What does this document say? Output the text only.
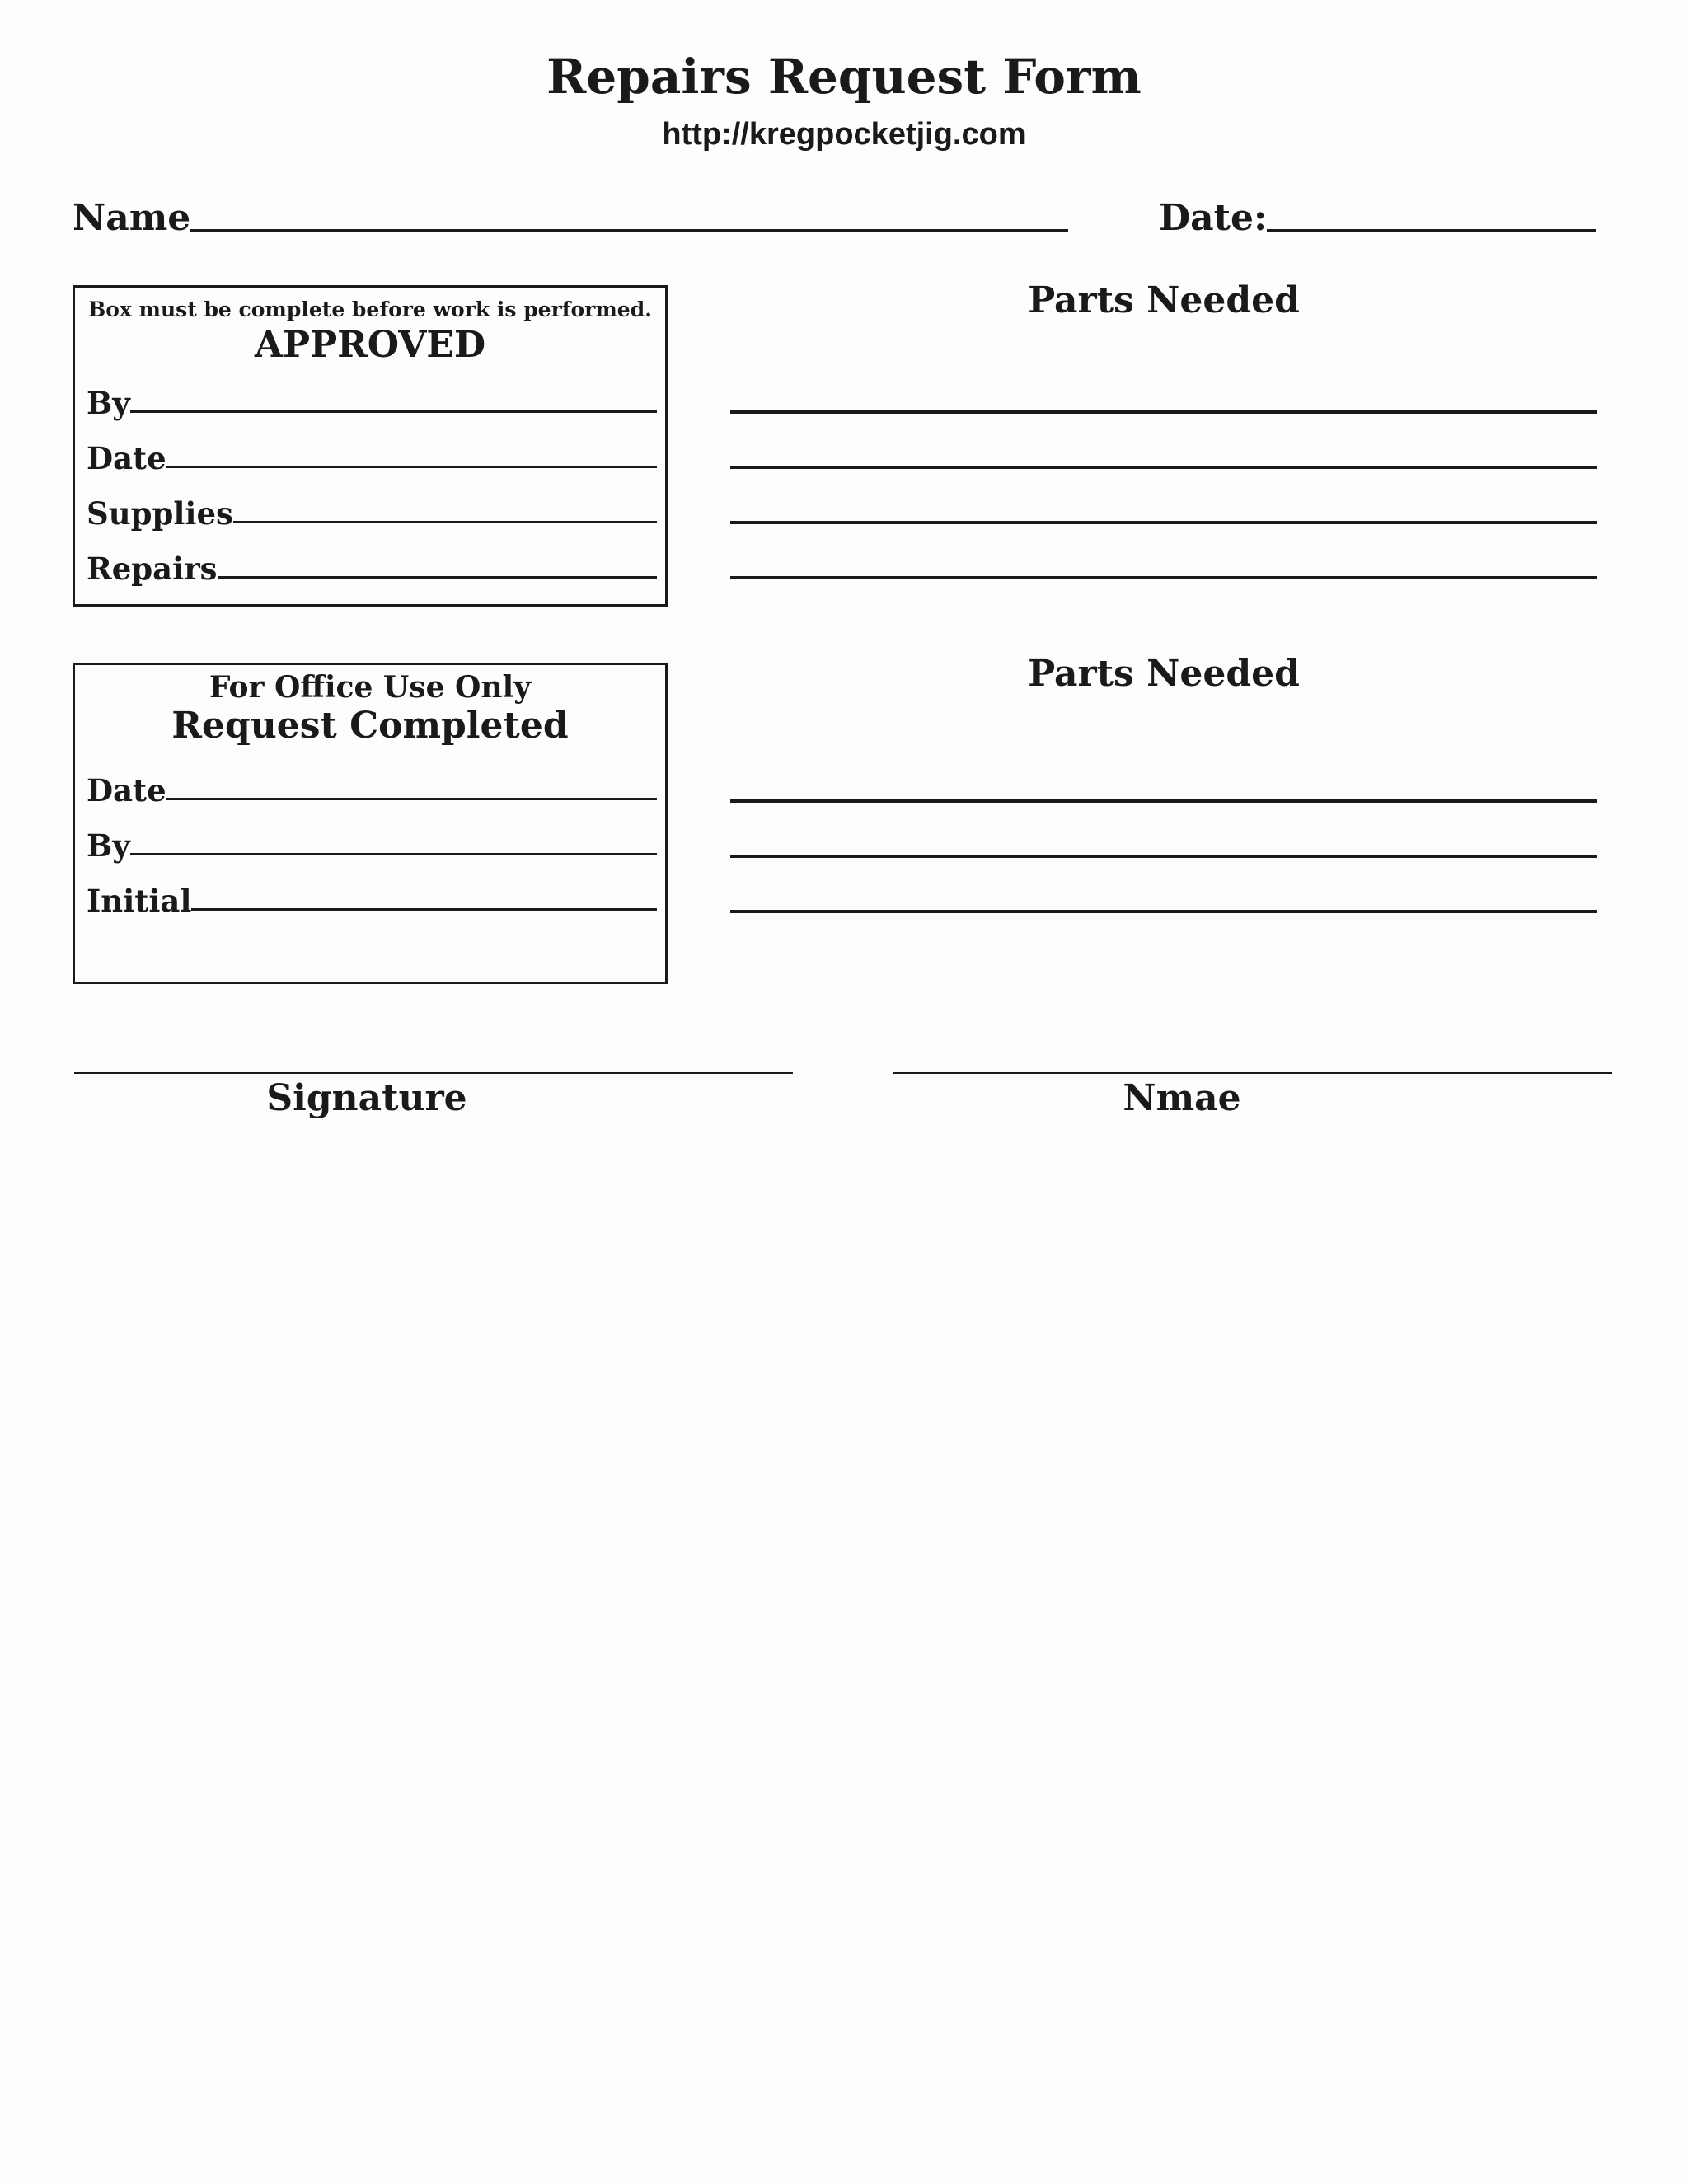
Repairs Request Form
http://kregpocketjig.com
Name	Date:
Box must be complete before work is performed.
APPROVED
By
Date
Supplies
Repairs
For Office Use Only
Request Completed
Date
By
Initial
Parts Needed
Parts Needed
Signature	Nmae
